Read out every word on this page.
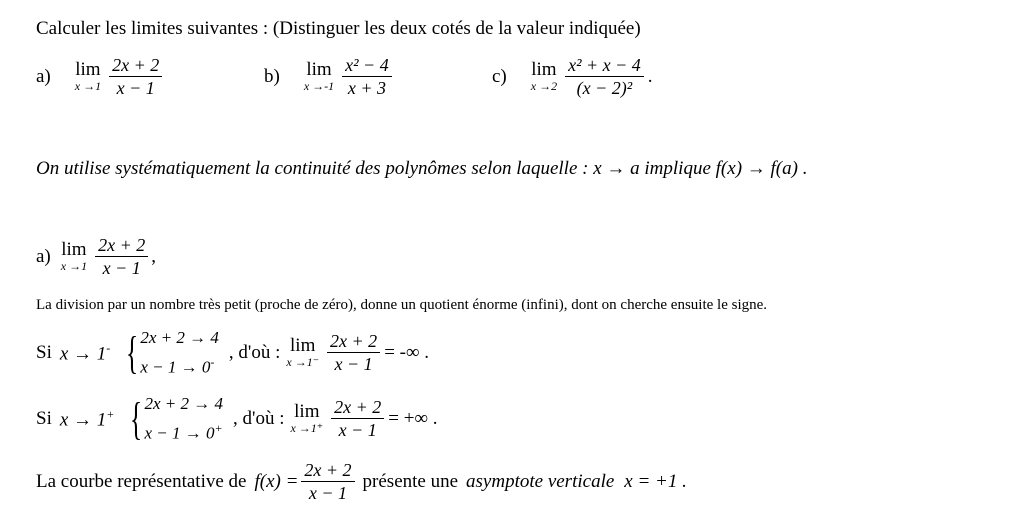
Calculer les limites suivantes : (Distinguer les deux cotés de la valeur indiquée)
a) lim
$x \to 1 \frac{2x + 2}{x - 1}$	b) lim
$x \to-1 \frac{\text{x² − 4}}{x + 3}$	c) lim
$x \to 2 \frac{\text{x² + x − 4}}{\text{(x − 2)²}}$ .
On utilise systématiquement la continuité des polynômes selon laquelle : x → a implique f(x) → f(a) .
a) lim
$x \to 1 \frac{2x + 2}{x - 1}$ ,
La division par un nombre très petit (proche de zéro), donne un quotient énorme (infini), dont on cherche ensuite le signe.
Si x → 1- { 2x + 2 → 4
x − 1 → 0- , d'où : lim
$x \to 1^- \frac{2x + 2}{x - 1}$ = -∞ .
Si x → 1+ { 2x + 2 → 4
x − 1 → 0+ , d'où : lim
$x \to 1^+ \frac{2x + 2}{x - 1}$ = +∞ .
La courbe représentative de $f(x) = \frac{2x + 2}{x - 1}$ présente une asymptote verticale x = +1 .
